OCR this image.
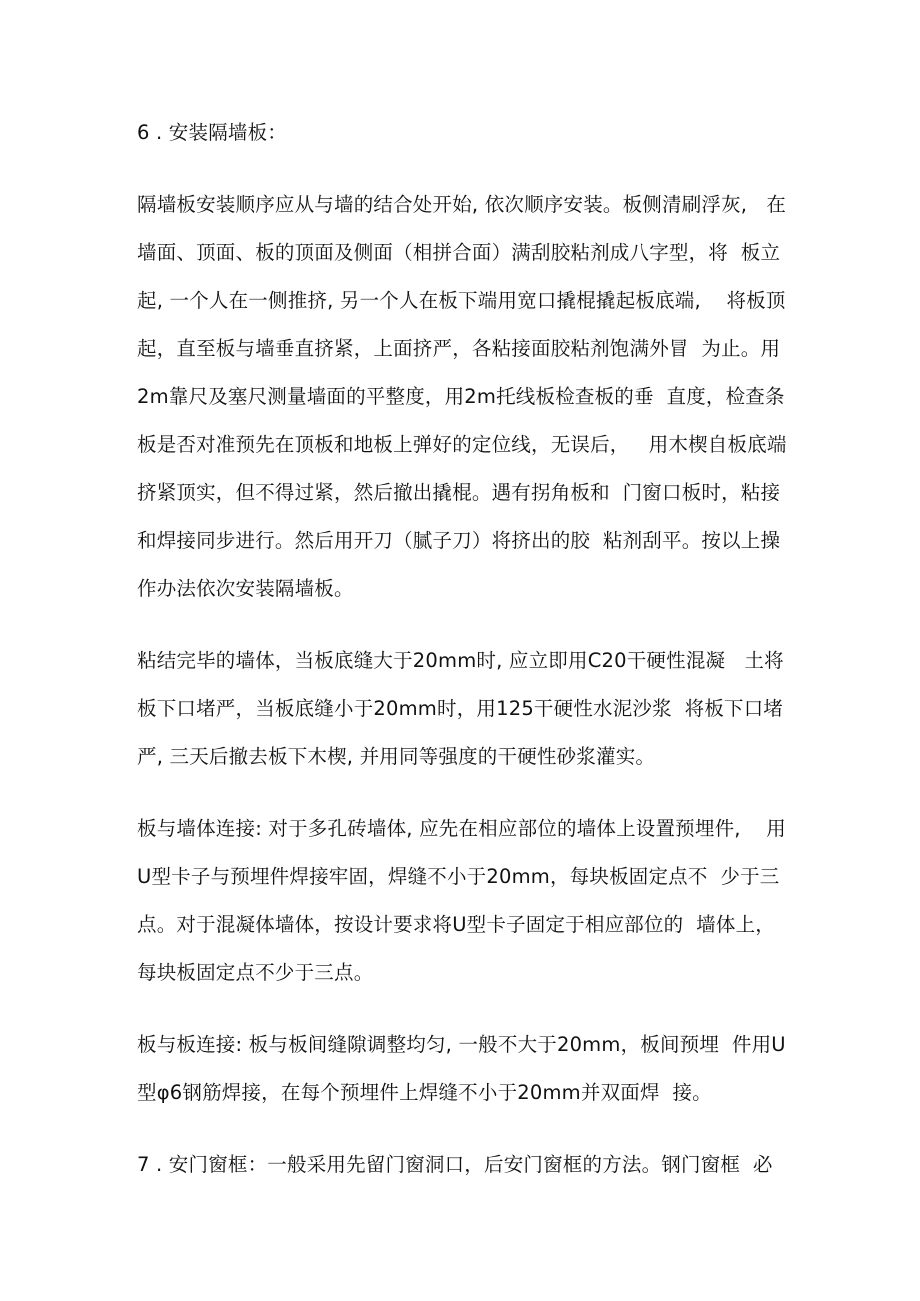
6 . 安装隔墙板：
隔墙板安装顺序应从与墙的结合处开始, 依次顺序安装。板侧清刷浮灰,   在
墙面、顶面、板的顶面及侧面（相拼合面）满刮胶粘剂成八字型，将  板立
起, 一个人在一侧推挤, 另一个人在板下端用宽口撬棍撬起板底端,    将板顶
起，直至板与墙垂直挤紧，上面挤严，各粘接面胶粘剂饱满外冒  为止。用
2m靠尺及塞尺测量墙面的平整度，用2m托线板检查板的垂  直度，检查条
板是否对准预先在顶板和地板上弹好的定位线，无误后，   用木楔自板底端
挤紧顶实，但不得过紧，然后撤出撬棍。遇有拐角板和  门窗口板时，粘接
和焊接同步进行。然后用开刀（腻子刀）将挤出的胶  粘剂刮平。按以上操
作办法依次安装隔墙板。
粘结完毕的墙体，当板底缝大于20mm时, 应立即用C20干硬性混凝   土将
板下口堵严，当板底缝小于20mm时，用125干硬性水泥沙浆  将板下口堵
严, 三天后撤去板下木楔, 并用同等强度的干硬性砂浆灌实。
板与墙体连接: 对于多孔砖墙体, 应先在相应部位的墙体上设置预埋件,    用
U型卡子与预埋件焊接牢固，焊缝不小于20mm，每块板固定点不  少于三
点。对于混凝体墙体，按设计要求将U型卡子固定于相应部位的  墙体上，
每块板固定点不少于三点。
板与板连接: 板与板间缝隙调整均匀, 一般不大于20mm，板间预埋  件用U
型φ6钢筋焊接，在每个预埋件上焊缝不小于20mm并双面焊  接。
7 . 安门窗框：一般采用先留门窗洞口，后安门窗框的方法。钢门窗框  必
